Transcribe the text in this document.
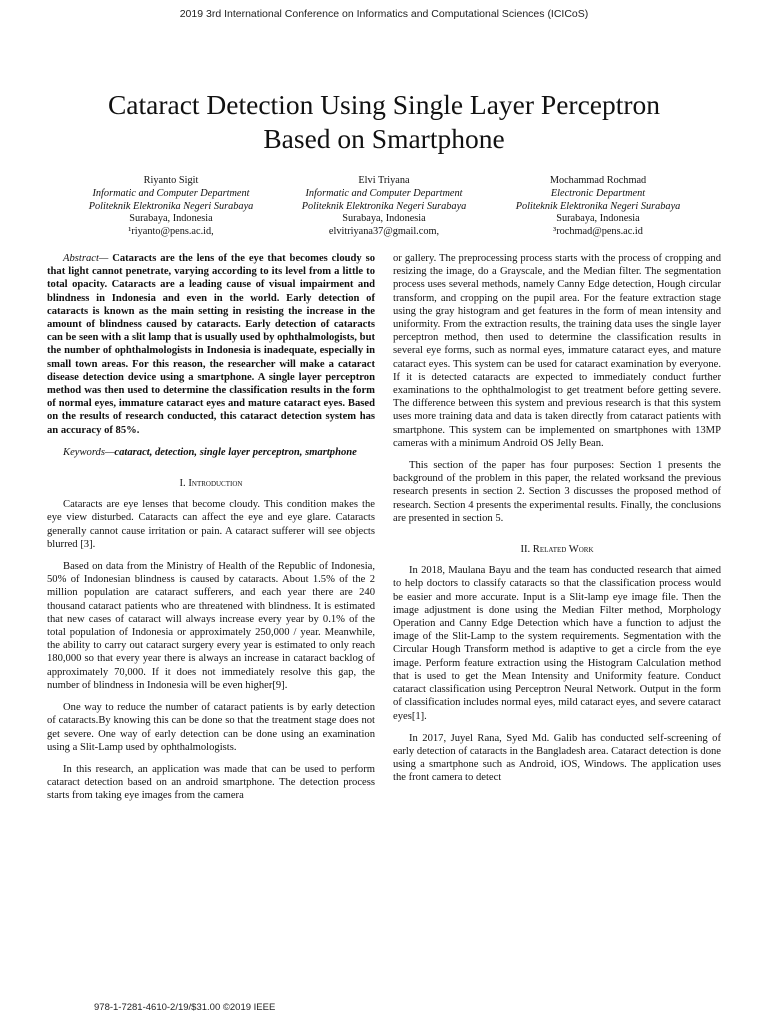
2019 3rd International Conference on Informatics and Computational Sciences (ICICoS)
Cataract Detection Using Single Layer Perceptron
Based on Smartphone
Riyanto Sigit
Informatic and Computer Department
Politeknik Elektronika Negeri Surabaya
Surabaya, Indonesia
¹riyanto@pens.ac.id,
Elvi Triyana
Informatic and Computer Department
Politeknik Elektronika Negeri Surabaya
Surabaya, Indonesia
elvitriyana37@gmail.com,
Mochammad Rochmad
Electronic Department
Politeknik Elektronika Negeri Surabaya
Surabaya, Indonesia
³rochmad@pens.ac.id

Abstract— Cataracts are the lens of the eye that becomes cloudy so that light cannot penetrate, varying according to its level from a little to total opacity. Cataracts are a leading cause of visual impairment and blindness in Indonesia and even in the world. Early detection of cataracts is known as the main setting in resisting the increase in the amount of blindness caused by cataracts. Early detection of cataracts can be seen with a slit lamp that is usually used by ophthalmologists, but the number of ophthalmologists in Indonesia is inadequate, especially in small town areas. For this reason, the researcher will make a cataract disease detection device using a smartphone. A single layer perceptron method was then used to determine the classification results in the form of normal eyes, immature cataract eyes and mature cataract eyes. Based on the results of research conducted, this cataract detection system has an accuracy of 85%.

Keywords—cataract, detection, single layer perceptron, smartphone

I. Introduction

Cataracts are eye lenses that become cloudy. This condition makes the eye view disturbed. Cataracts can affect the eye and eye glare. Cataracts generally cannot cause irritation or pain. A cataract sufferer will see objects blurred [3].

Based on data from the Ministry of Health of the Republic of Indonesia, 50% of Indonesian blindness is caused by cataracts. About 1.5% of the 2 million population are cataract sufferers, and each year there are 240 thousand cataract patients who are threatened with blindness. It is estimated that new cases of cataract will always increase every year by 0.1% of the total population of Indonesia or approximately 250,000 / year. Meanwhile, the ability to carry out cataract surgery every year is estimated to only reach 180,000 so that every year there is always an increase in cataract backlog of approximately 70,000. If it does not immediately resolve this gap, the number of blindness in Indonesia will be even higher[9].

One way to reduce the number of cataract patients is by early detection of cataracts.By knowing this can be done so that the treatment stage does not get severe. One way of early detection can be done using an examination using a Slit-Lamp used by ophthalmologists.

In this research, an application was made that can be used to perform cataract detection based on an android smartphone. The detection process starts from taking eye images from the camera

or gallery. The preprocessing process starts with the process of cropping and resizing the image, do a Grayscale, and the Median filter. The segmentation process uses several methods, namely Canny Edge detection, Hough circular transform, and cropping on the pupil area. For the feature extraction stage using the gray histogram and get features in the form of mean intensity and uniformity. From the extraction results, the training data uses the single layer perceptron method, then used to determine the classification results in several eye forms, such as normal eyes, immature cataract eyes, and mature cataract eyes. This system can be used for cataract examination by everyone. If it is detected cataracts are expected to immediately conduct further examinations to the ophthalmologist to get treatment before getting severe. The difference between this system and previous research is that this system uses more training data and data is taken directly from cataract patients with smartphone. This system can be implemented on smartphones with 13MP cameras with a minimum Android OS Jelly Bean.

This section of the paper has four purposes: Section 1 presents the background of the problem in this paper, the related worksand the previous research presents in section 2. Section 3 discusses the proposed method of research. Section 4 presents the experimental results. Finally, the conclusions are presented in section 5.

II. Related Work

In 2018, Maulana Bayu and the team has conducted research that aimed to help doctors to classify cataracts so that the classification process would be easier and more accurate. Input is a Slit-lamp eye image file. Then the image adjustment is done using the Median Filter method, Morphology Operation and Canny Edge Detection which have a function to adjust the image of the Slit-Lamp to the system requirements. Segmentation with the Circular Hough Transform method is adaptive to get a circle from the eye image. Perform feature extraction using the Histogram Calculation method that is used to get the Mean Intensity and Uniformity feature. Conduct cataract classification using Perceptron Neural Network. Output in the form of classification includes normal eyes, mild cataract eyes, and severe cataract eyes[1].

In 2017, Juyel Rana, Syed Md. Galib has conducted self-screening of early detection of cataracts in the Bangladesh area. Cataract detection is done using a smartphone such as Android, iOS, Windows. The application uses the front camera to detect

978-1-7281-4610-2/19/$31.00 ©2019 IEEE
